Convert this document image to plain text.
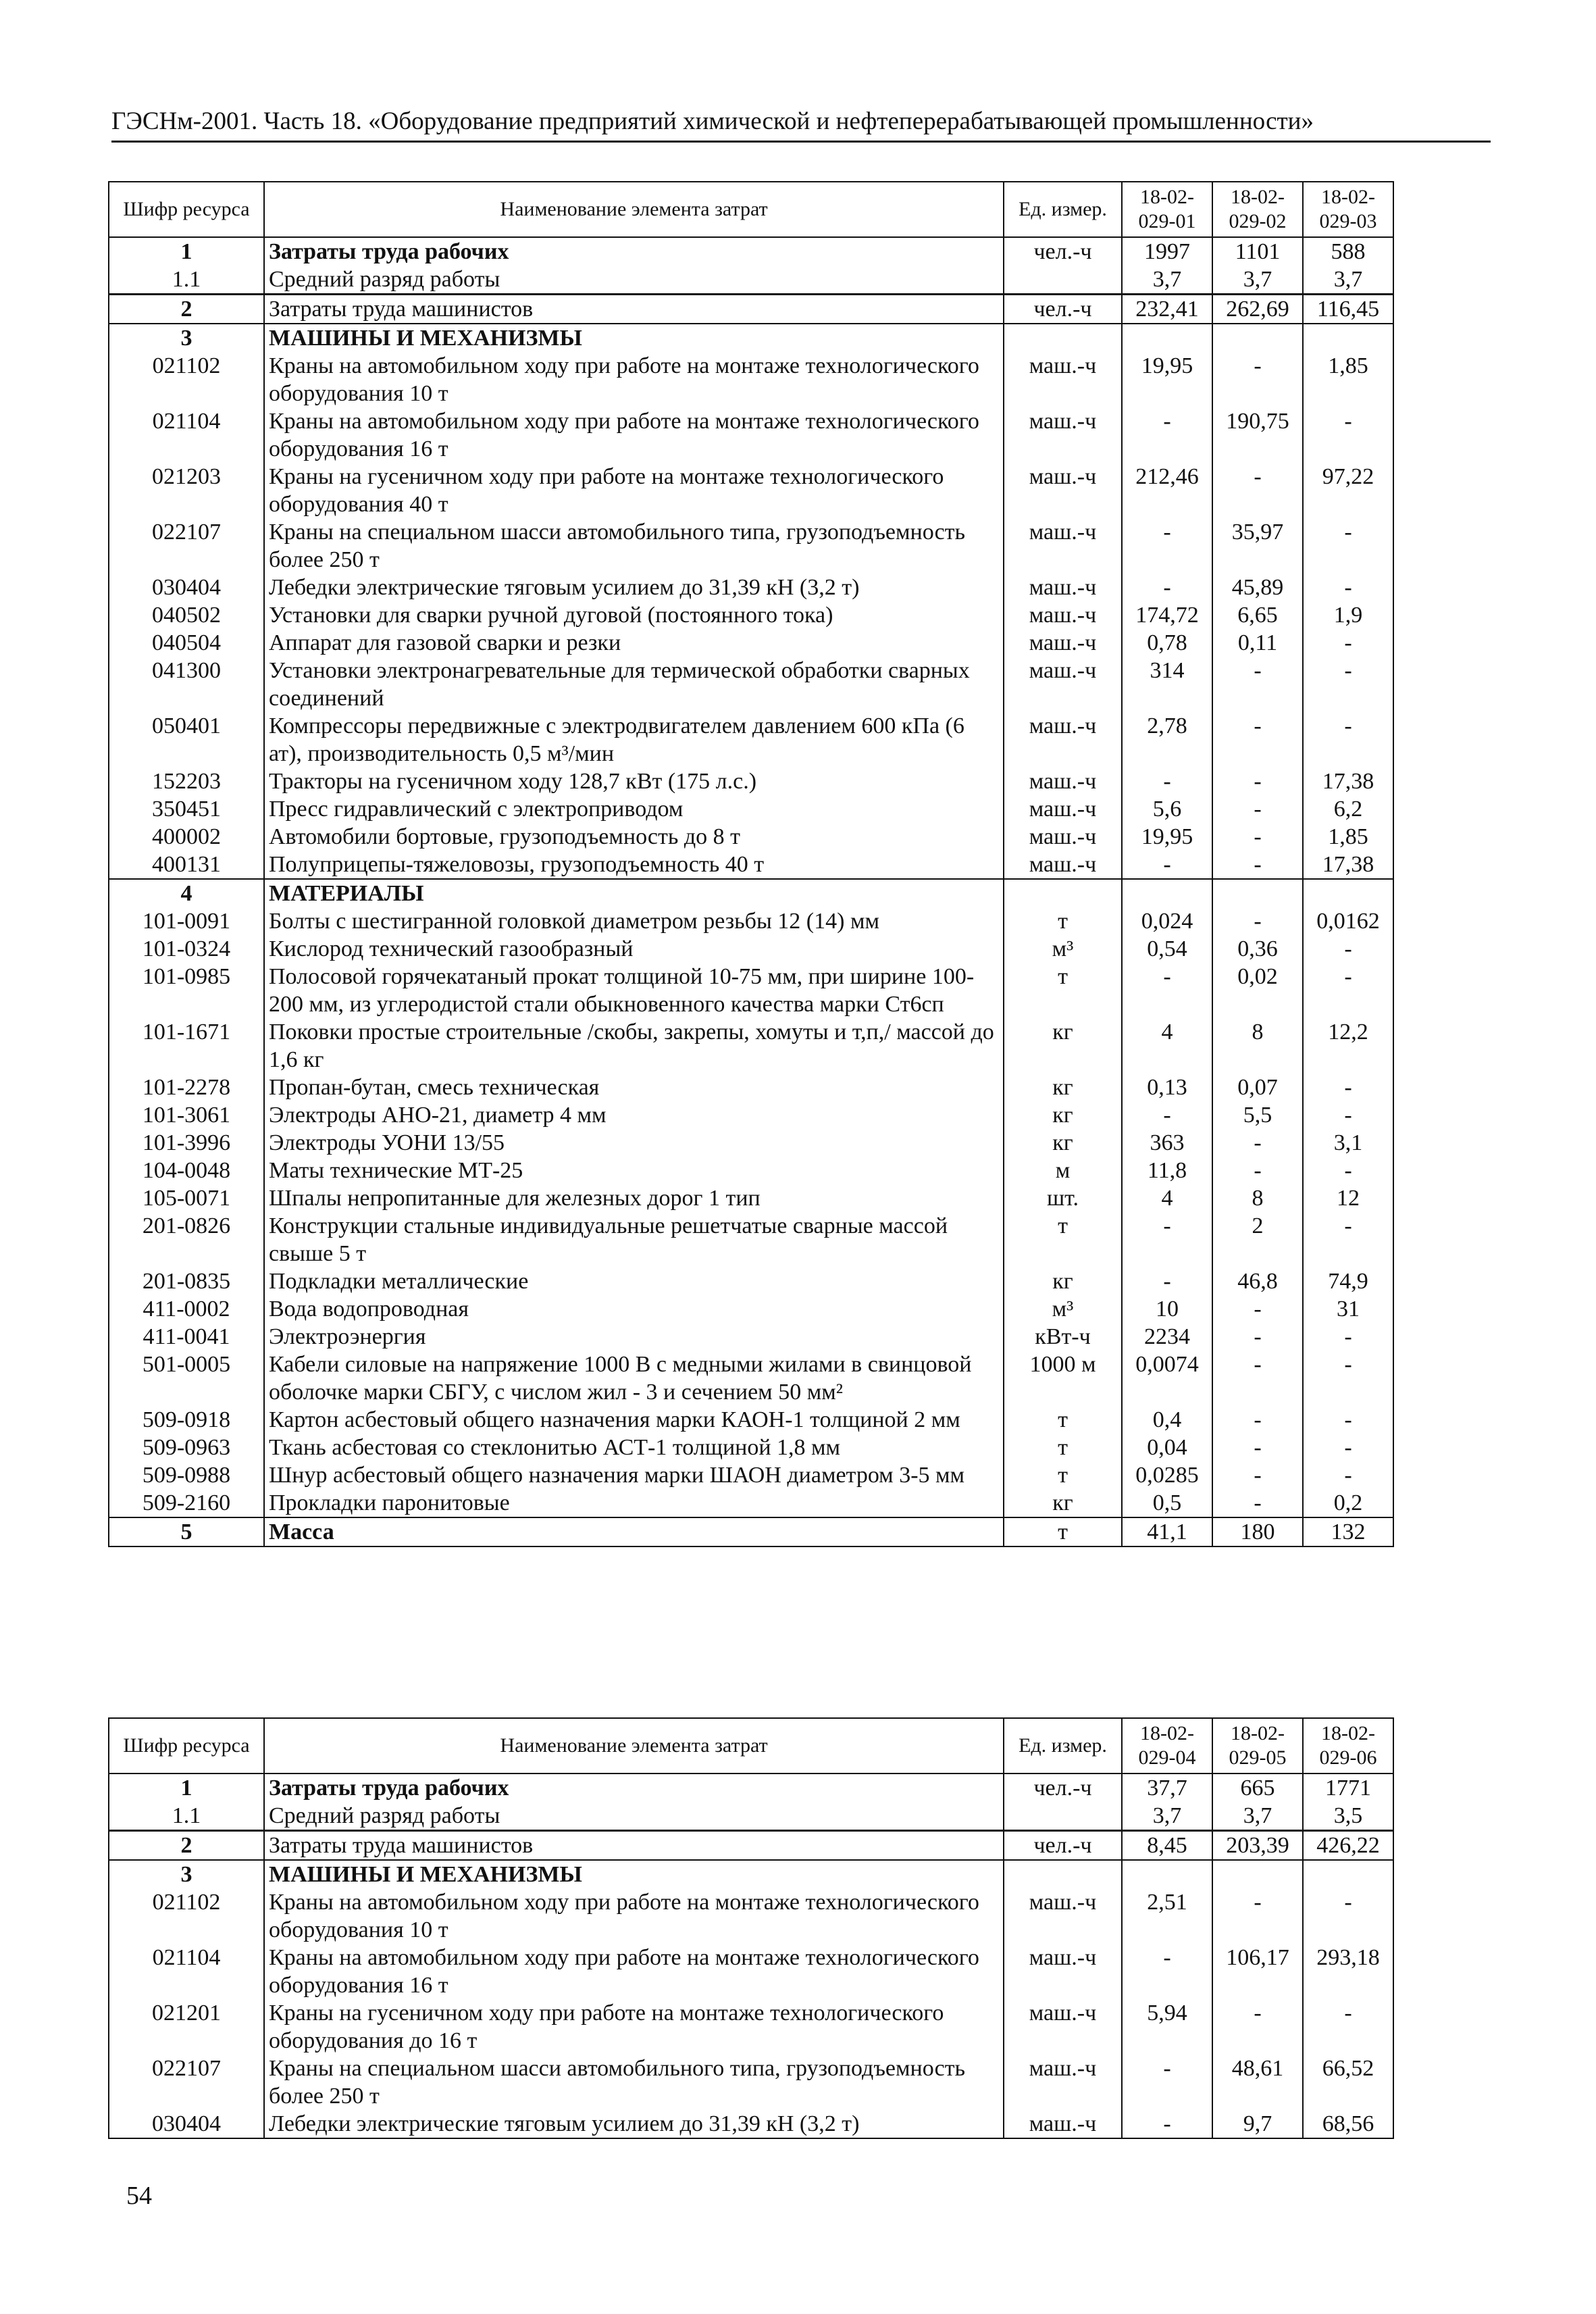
ГЭСНм-2001. Часть 18. «Оборудование предприятий химической и нефтеперерабатывающей промышленности»
Шифр ресурса	Наименование элемента затрат	Ед. измер.	18-02-029-01	18-02-029-02	18-02-029-03
1	Затраты труда рабочих	чел.-ч	1997	1101	588
1.1	Средний разряд работы		3,7	3,7	3,7
2	Затраты труда машинистов	чел.-ч	232,41	262,69	116,45
3	МАШИНЫ И МЕХАНИЗМЫ				
021102	Краны на автомобильном ходу при работе на монтаже технологического оборудования 10 т	маш.-ч	19,95	-	1,85
021104	Краны на автомобильном ходу при работе на монтаже технологического оборудования 16 т	маш.-ч	-	190,75	-
021203	Краны на гусеничном ходу при работе на монтаже технологического оборудования 40 т	маш.-ч	212,46	-	97,22
022107	Краны на специальном шасси автомобильного типа, грузоподъемность более 250 т	маш.-ч	-	35,97	-
030404	Лебедки электрические тяговым усилием до 31,39 кН (3,2 т)	маш.-ч	-	45,89	-
040502	Установки для сварки ручной дуговой (постоянного тока)	маш.-ч	174,72	6,65	1,9
040504	Аппарат для газовой сварки и резки	маш.-ч	0,78	0,11	-
041300	Установки электронагревательные для термической обработки сварных соединений	маш.-ч	314	-	-
050401	Компрессоры передвижные с электродвигателем давлением 600 кПа (6 ат), производительность 0,5 м³/мин	маш.-ч	2,78	-	-
152203	Тракторы на гусеничном ходу 128,7 кВт (175 л.с.)	маш.-ч	-	-	17,38
350451	Пресс гидравлический с электроприводом	маш.-ч	5,6	-	6,2
400002	Автомобили бортовые, грузоподъемность до 8 т	маш.-ч	19,95	-	1,85
400131	Полуприцепы-тяжеловозы, грузоподъемность 40 т	маш.-ч	-	-	17,38
4	МАТЕРИАЛЫ				
101-0091	Болты с шестигранной головкой диаметром резьбы 12 (14) мм	т	0,024	-	0,0162
101-0324	Кислород технический газообразный	м³	0,54	0,36	-
101-0985	Полосовой горячекатаный прокат толщиной 10-75 мм, при ширине 100-200 мм, из углеродистой стали обыкновенного качества марки Ст6сп	т	-	0,02	-
101-1671	Поковки простые строительные /скобы, закрепы, хомуты и т,п,/ массой до 1,6 кг	кг	4	8	12,2
101-2278	Пропан-бутан, смесь техническая	кг	0,13	0,07	-
101-3061	Электроды АНО-21, диаметр 4 мм	кг	-	5,5	-
101-3996	Электроды УОНИ 13/55	кг	363	-	3,1
104-0048	Маты технические МТ-25	м	11,8	-	-
105-0071	Шпалы непропитанные для железных дорог 1 тип	шт.	4	8	12
201-0826	Конструкции стальные индивидуальные решетчатые сварные массой свыше 5 т	т	-	2	-
201-0835	Подкладки металлические	кг	-	46,8	74,9
411-0002	Вода водопроводная	м³	10	-	31
411-0041	Электроэнергия	кВт-ч	2234	-	-
501-0005	Кабели силовые на напряжение 1000 В с медными жилами в свинцовой оболочке марки СБГУ, с числом жил - 3 и сечением 50 мм²	1000 м	0,0074	-	-
509-0918	Картон асбестовый общего назначения марки КАОН-1 толщиной 2 мм	т	0,4	-	-
509-0963	Ткань асбестовая со стеклонитью АСТ-1 толщиной 1,8 мм	т	0,04	-	-
509-0988	Шнур асбестовый общего назначения марки ШАОН диаметром 3-5 мм	т	0,0285	-	-
509-2160	Прокладки паронитовые	кг	0,5	-	0,2
5	Масса	т	41,1	180	132
Шифр ресурса	Наименование элемента затрат	Ед. измер.	18-02-029-04	18-02-029-05	18-02-029-06
1	Затраты труда рабочих	чел.-ч	37,7	665	1771
1.1	Средний разряд работы		3,7	3,7	3,5
2	Затраты труда машинистов	чел.-ч	8,45	203,39	426,22
3	МАШИНЫ И МЕХАНИЗМЫ				
021102	Краны на автомобильном ходу при работе на монтаже технологического оборудования 10 т	маш.-ч	2,51	-	-
021104	Краны на автомобильном ходу при работе на монтаже технологического оборудования 16 т	маш.-ч	-	106,17	293,18
021201	Краны на гусеничном ходу при работе на монтаже технологического оборудования до 16 т	маш.-ч	5,94	-	-
022107	Краны на специальном шасси автомобильного типа, грузоподъемность более 250 т	маш.-ч	-	48,61	66,52
030404	Лебедки электрические тяговым усилием до 31,39 кН (3,2 т)	маш.-ч	-	9,7	68,56
54
